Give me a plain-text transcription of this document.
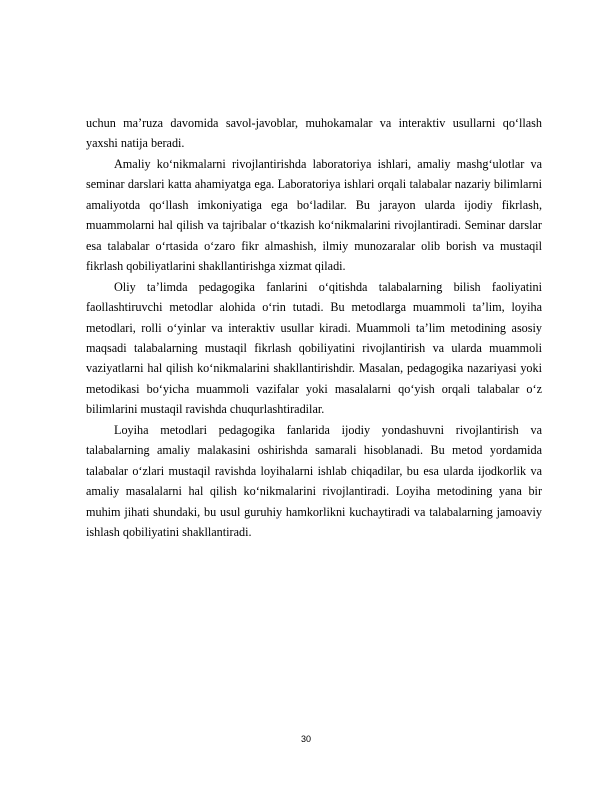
uchun ma’ruza davomida savol-javoblar, muhokamalar va interaktiv usullarni qo‘llash yaxshi natija beradi.

Amaliy ko‘nikmalarni rivojlantirishda laboratoriya ishlari, amaliy mashg‘ulotlar va seminar darslari katta ahamiyatga ega. Laboratoriya ishlari orqali talabalar nazariy bilimlarni amaliyotda qo‘llash imkoniyatiga ega bo‘ladilar. Bu jarayon ularda ijodiy fikrlash, muammolarni hal qilish va tajribalar o‘tkazish ko‘nikmalarini rivojlantiradi. Seminar darslar esa talabalar o‘rtasida o‘zaro fikr almashish, ilmiy munozaralar olib borish va mustaqil fikrlash qobiliyatlarini shakllantirishga xizmat qiladi.

Oliy ta’limda pedagogika fanlarini o‘qitishda talabalarning bilish faoliyatini faollashtiruvchi metodlar alohida o‘rin tutadi. Bu metodlarga muammoli ta’lim, loyiha metodlari, rolli o‘yinlar va interaktiv usullar kiradi. Muammoli ta’lim metodining asosiy maqsadi talabalarning mustaqil fikrlash qobiliyatini rivojlantirish va ularda muammoli vaziyatlarni hal qilish ko‘nikmalarini shakllantirishdir. Masalan, pedagogika nazariyasi yoki metodikasi bo‘yicha muammoli vazifalar yoki masalalarni qo‘yish orqali talabalar o‘z bilimlarini mustaqil ravishda chuqurlashtiradilar.

Loyiha metodlari pedagogika fanlarida ijodiy yondashuvni rivojlantirish va talabalarning amaliy malakasini oshirishda samarali hisoblanadi. Bu metod yordamida talabalar o‘zlari mustaqil ravishda loyihalarni ishlab chiqadilar, bu esa ularda ijodkorlik va amaliy masalalarni hal qilish ko‘nikmalarini rivojlantiradi. Loyiha metodining yana bir muhim jihati shundaki, bu usul guruhiy hamkorlikni kuchaytiradi va talabalarning jamoaviy ishlash qobiliyatini shakllantiradi.

30
